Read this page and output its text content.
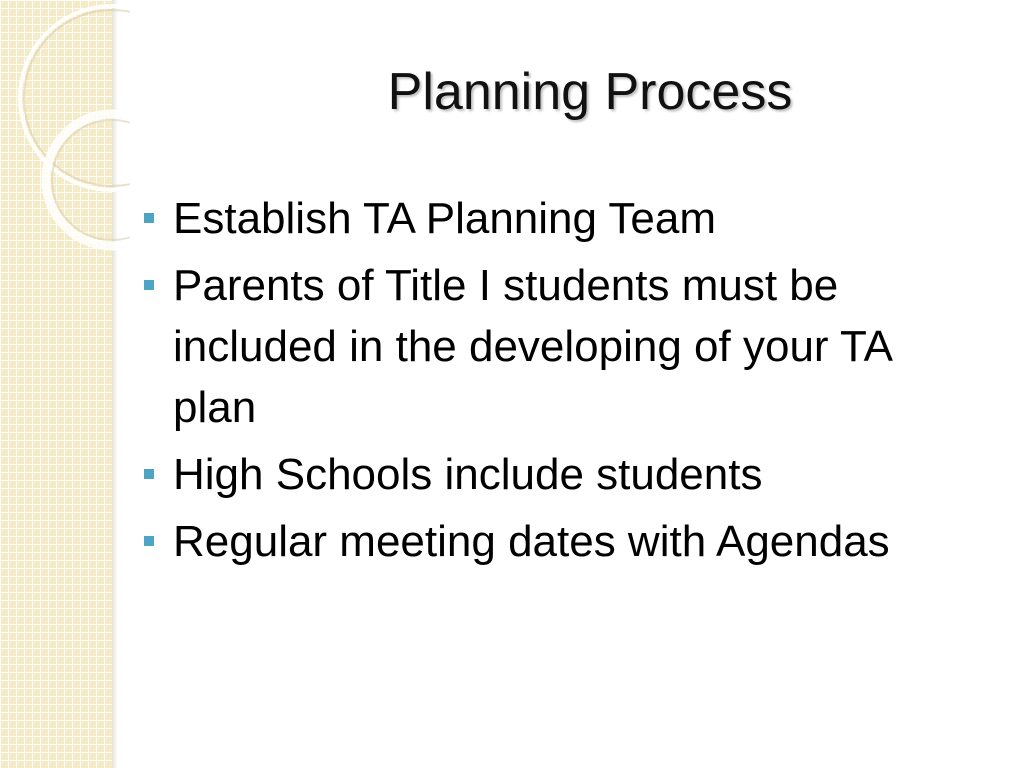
Planning Process
Establish TA Planning Team
Parents of Title I students must be included in the developing of your TA plan
High Schools include students
Regular meeting dates with Agendas
